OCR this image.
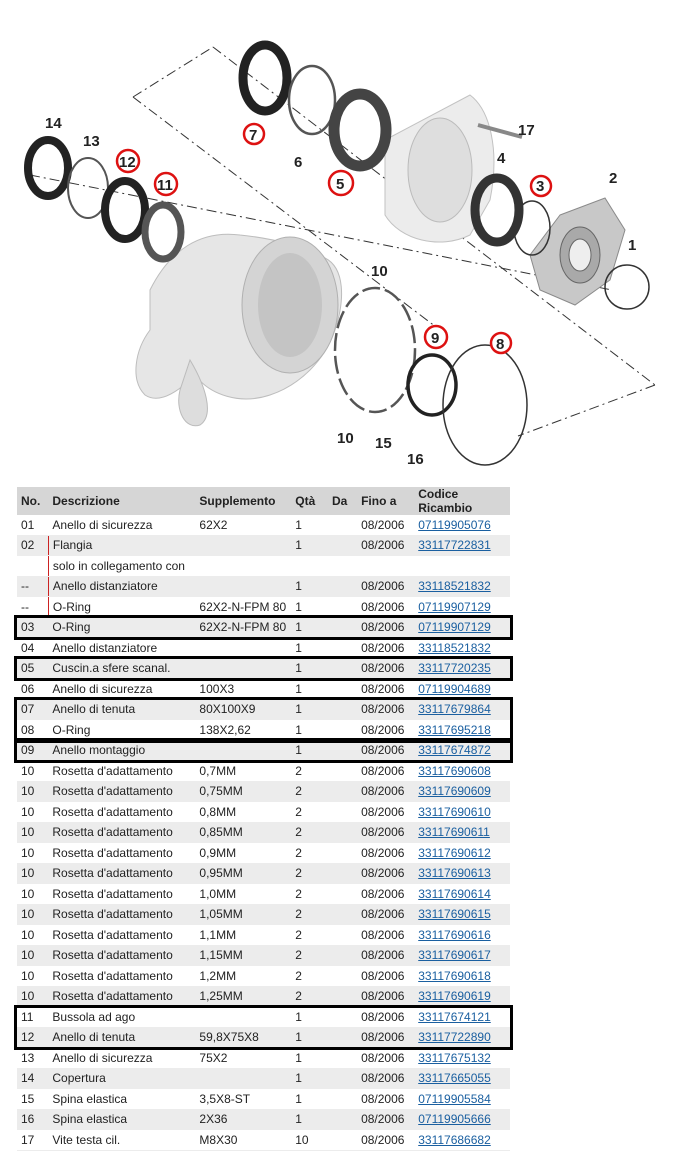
1
2
3
4
5
6
7
8
9
10
10
11
12
13
14
15
16
17
No.	Descrizione	Supplemento	Qtà	Da	Fino a	Codice Ricambio
01	Anello di sicurezza	62X2	1		08/2006	07119905076
02	Flangia		1		08/2006	33117722831
	solo in collegamento con					
--	Anello distanziatore		1		08/2006	33118521832
--	O-Ring	62X2-N-FPM 80	1		08/2006	07119907129
03	O-Ring	62X2-N-FPM 80	1		08/2006	07119907129
04	Anello distanziatore		1		08/2006	33118521832
05	Cuscin.a sfere scanal.		1		08/2006	33117720235
06	Anello di sicurezza	100X3	1		08/2006	07119904689
07	Anello di tenuta	80X100X9	1		08/2006	33117679864
08	O-Ring	138X2,62	1		08/2006	33117695218
09	Anello montaggio		1		08/2006	33117674872
10	Rosetta d'adattamento	0,7MM	2		08/2006	33117690608
10	Rosetta d'adattamento	0,75MM	2		08/2006	33117690609
10	Rosetta d'adattamento	0,8MM	2		08/2006	33117690610
10	Rosetta d'adattamento	0,85MM	2		08/2006	33117690611
10	Rosetta d'adattamento	0,9MM	2		08/2006	33117690612
10	Rosetta d'adattamento	0,95MM	2		08/2006	33117690613
10	Rosetta d'adattamento	1,0MM	2		08/2006	33117690614
10	Rosetta d'adattamento	1,05MM	2		08/2006	33117690615
10	Rosetta d'adattamento	1,1MM	2		08/2006	33117690616
10	Rosetta d'adattamento	1,15MM	2		08/2006	33117690617
10	Rosetta d'adattamento	1,2MM	2		08/2006	33117690618
10	Rosetta d'adattamento	1,25MM	2		08/2006	33117690619
11	Bussola ad ago		1		08/2006	33117674121
12	Anello di tenuta	59,8X75X8	1		08/2006	33117722890
13	Anello di sicurezza	75X2	1		08/2006	33117675132
14	Copertura		1		08/2006	33117665055
15	Spina elastica	3,5X8-ST	1		08/2006	07119905584
16	Spina elastica	2X36	1		08/2006	07119905666
17	Vite testa cil.	M8X30	10		08/2006	33117686682
